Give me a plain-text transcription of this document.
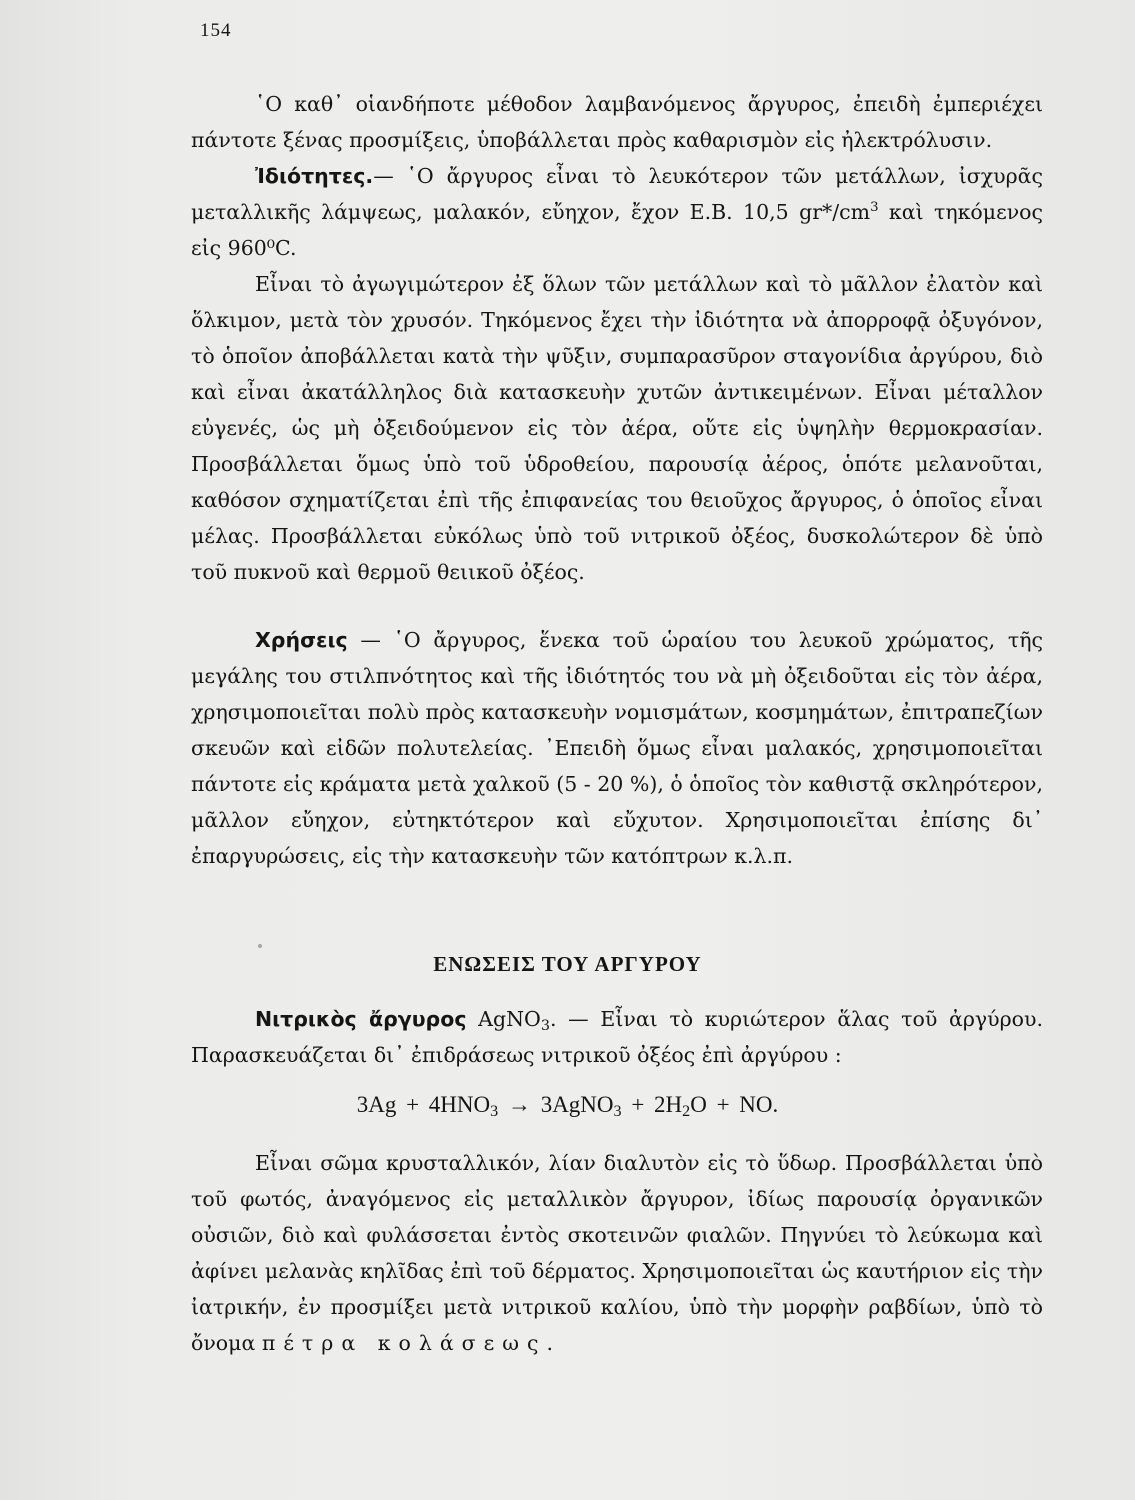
154

῾Ο καθ᾽ οἱανδήποτε μέθοδον λαμβανόμενος ἄργυρος, ἐπειδὴ ἐμπεριέχει πάντοτε ξένας προσμίξεις, ὑποβάλλεται πρὸς καθαρισμὸν εἰς ἠλεκτρόλυσιν.

Ἰδιότητες.— ῾Ο ἄργυρος εἶναι τὸ λευκότερον τῶν μετάλλων, ἰσχυρᾶς μεταλλικῆς λάμψεως, μαλακόν, εὔηχον, ἔχον Ε.Β. 10,5 $gr*/cm^3$ καὶ τηκόμενος εἰς 960⁰C.

Εἶναι τὸ ἀγωγιμώτερον ἐξ ὅλων τῶν μετάλλων καὶ τὸ μᾶλλον ἐλατὸν καὶ ὅλκιμον, μετὰ τὸν χρυσόν. Τηκόμενος ἔχει τὴν ἰδιότητα νὰ ἀπορροφᾷ ὀξυγόνον, τὸ ὁποῖον ἀποβάλλεται κατὰ τὴν ψῦξιν, συμπαρασῦρον σταγονίδια ἀργύρου, διὸ καὶ εἶναι ἀκατάλληλος διὰ κατασκευὴν χυτῶν ἀντικειμένων. Εἶναι μέταλλον εὐγενές, ὡς μὴ ὀξειδούμενον εἰς τὸν ἀέρα, οὔτε εἰς ὑψηλὴν θερμοκρασίαν. Προσβάλλεται ὅμως ὑπὸ τοῦ ὑδροθείου, παρουσίᾳ ἀέρος, ὁπότε μελανοῦται, καθόσον σχηματίζεται ἐπὶ τῆς ἐπιφανείας του θειοῦχος ἄργυρος, ὁ ὁποῖος εἶναι μέλας. Προσβάλλεται εὐκόλως ὑπὸ τοῦ νιτρικοῦ ὀξέος, δυσκολώτερον δὲ ὑπὸ τοῦ πυκνοῦ καὶ θερμοῦ θειικοῦ ὀξέος.

Χρήσεις — ῾Ο ἄργυρος, ἕνεκα τοῦ ὡραίου του λευκοῦ χρώματος, τῆς μεγάλης του στιλπνότητος καὶ τῆς ἰδιότητός του νὰ μὴ ὀξειδοῦται εἰς τὸν ἀέρα, χρησιμοποιεῖται πολὺ πρὸς κατασκευὴν νομισμάτων, κοσμημάτων, ἐπιτραπεζίων σκευῶν καὶ εἰδῶν πολυτελείας. ᾿Επειδὴ ὅμως εἶναι μαλακός, χρησιμοποιεῖται πάντοτε εἰς κράματα μετὰ χαλκοῦ (5 - 20 %), ὁ ὁποῖος τὸν καθιστᾷ σκληρότερον, μᾶλλον εὔηχον, εὐτηκτότερον καὶ εὔχυτον. Χρησιμοποιεῖται ἐπίσης δι᾽ ἐπαργυρώσεις, εἰς τὴν κατασκευὴν τῶν κατόπτρων κ.λ.π.

ΕΝΩΣΕΙΣ ΤΟΥ ΑΡΓΥΡΟΥ

Νιτρικὸς ἄργυρος AgNO$_3$. — Εἶναι τὸ κυριώτερον ἅλας τοῦ ἀργύρου. Παρασκευάζεται δι᾽ ἐπιδράσεως νιτρικοῦ ὀξέος ἐπὶ ἀργύρου :

$3Ag + 4HNO_3$ → 3AgNO$_3$ + $2H_2O$ + NO.

Εἶναι σῶμα κρυσταλλικόν, λίαν διαλυτὸν εἰς τὸ ὕδωρ. Προσβάλλεται ὑπὸ τοῦ φωτός, ἀναγόμενος εἰς μεταλλικὸν ἄργυρον, ἰδίως παρουσίᾳ ὀργανικῶν οὐσιῶν, διὸ καὶ φυλάσσεται ἐντὸς σκοτεινῶν φιαλῶν. Πηγνύει τὸ λεύκωμα καὶ ἀφίνει μελανὰς κηλῖδας ἐπὶ τοῦ δέρματος. Χρησιμοποιεῖται ὡς καυτήριον εἰς τὴν ἰατρικήν, ἐν προσμίξει μετὰ νιτρικοῦ καλίου, ὑπὸ τὴν μορφὴν ραβδίων, ὑπὸ τὸ ὄνομα πέτρα κολάσεως.
